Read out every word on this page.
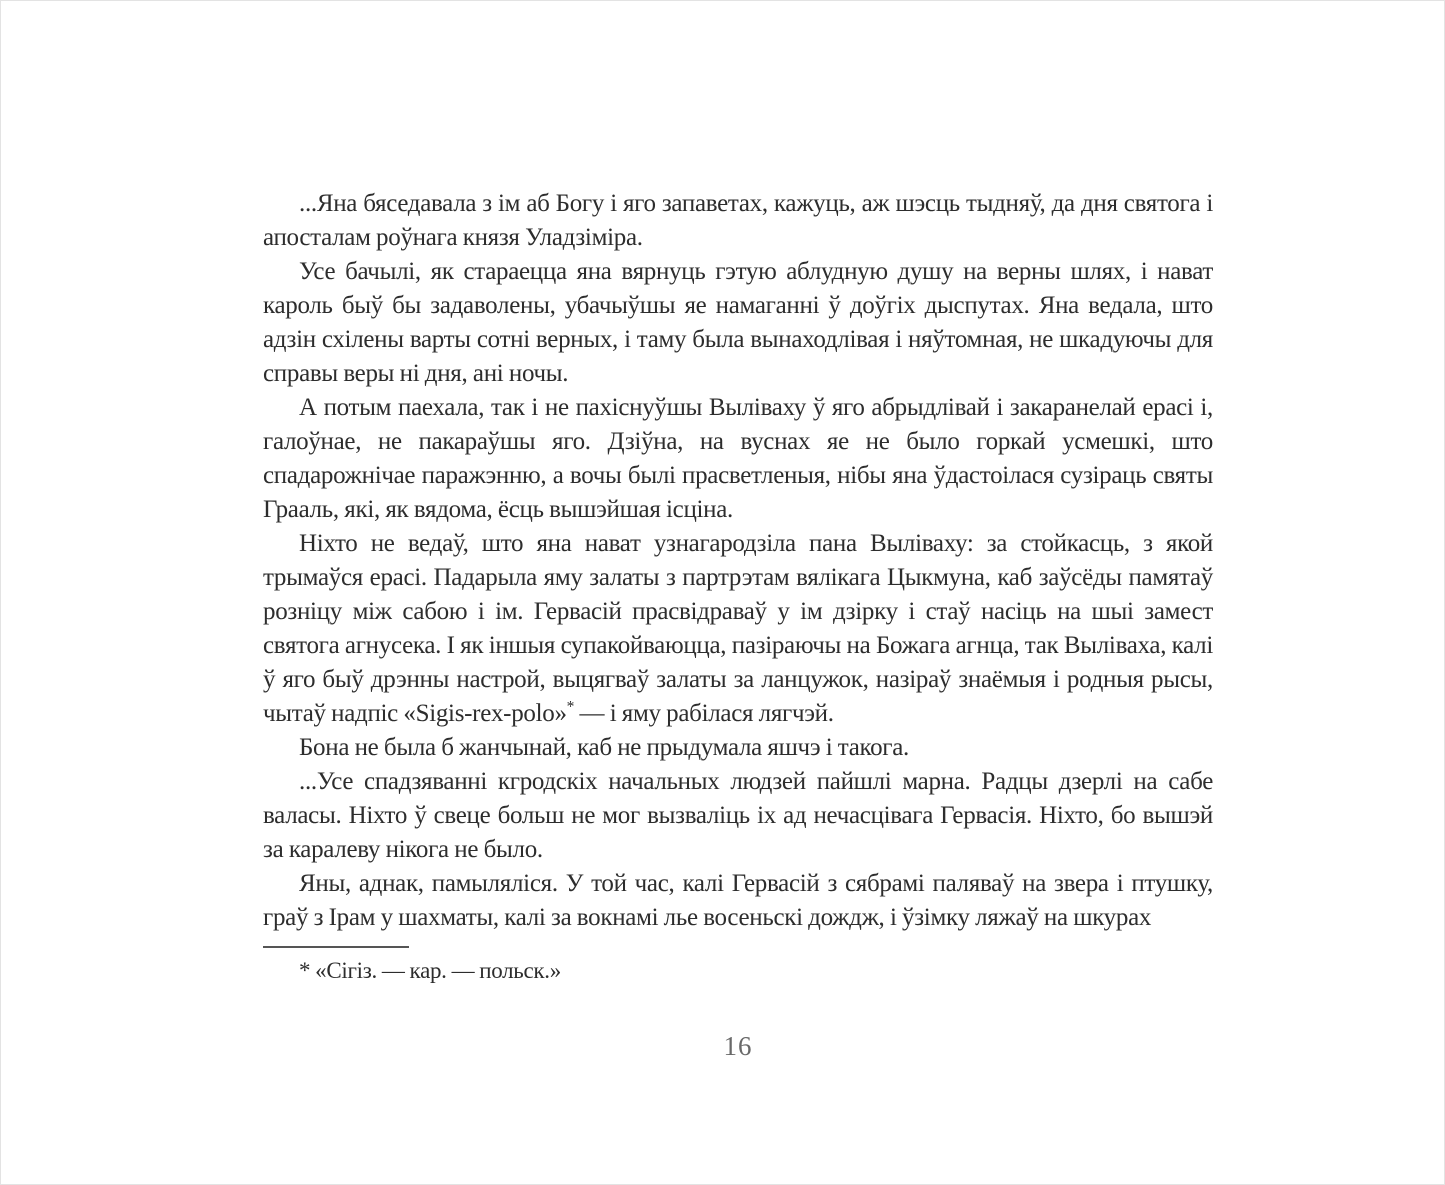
...Яна бяседавала з ім аб Богу і яго запаветах, кажуць, аж шэсць тыдняў, да дня святога і апосталам роўнага князя Уладзіміра.

Усе бачылі, як стараецца яна вярнуць гэтую аблудную душу на верны шлях, і нават кароль быў бы задаволены, убачыўшы яе намаганні ў доўгіх дыспутах. Яна ведала, што адзін схілены варты сотні верных, і таму была вынаходлівая і няўтомная, не шкадуючы для справы веры ні дня, ані ночы.

А потым паехала, так і не пахіснуўшы Выліваху ў яго абрыдлівай і закаранелай ерасі і, галоўнае, не пакараўшы яго. Дзіўна, на вуснах яе не было горкай усмешкі, што спадарожнічае паражэнню, а вочы былі прасветленыя, нібы яна ўдастоілася сузіраць святы Грааль, які, як вядома, ёсць вышэйшая ісціна.

Ніхто не ведаў, што яна нават узнагародзіла пана Выліваху: за стойкасць, з якой трымаўся ерасі. Падарыла яму залаты з партрэтам вялікага Цыкмуна, каб заўсёды памятаў розніцу між сабою і ім. Гервасій прасвідраваў у ім дзірку і стаў насіць на шыі замест святога агнусека. І як іншыя супакойваюцца, пазіраючы на Божага агнца, так Выліваха, калі ў яго быў дрэнны настрой, выцягваў залаты за ланцужок, назіраў знаёмыя і родныя рысы, чытаў надпіс «Sigis-rex-polo»* — і яму рабілася лягчэй.

Бона не была б жанчынай, каб не прыдумала яшчэ і такога.

...Усе спадзяванні кгродскіх начальных людзей пайшлі марна. Радцы дзерлі на сабе валасы. Ніхто ў свеце больш не мог вызваліць іх ад нечасцівага Гервасія. Ніхто, бо вышэй за каралеву нікога не было.

Яны, аднак, памыляліся. У той час, калі Гервасій з сябрамі паляваў на звера і птушку, граў з Ірам у шахматы, калі за вокнамі лье восеньскі дождж, і ўзімку ляжаў на шкурах

* «Сігіз. — кар. — польск.»

16
